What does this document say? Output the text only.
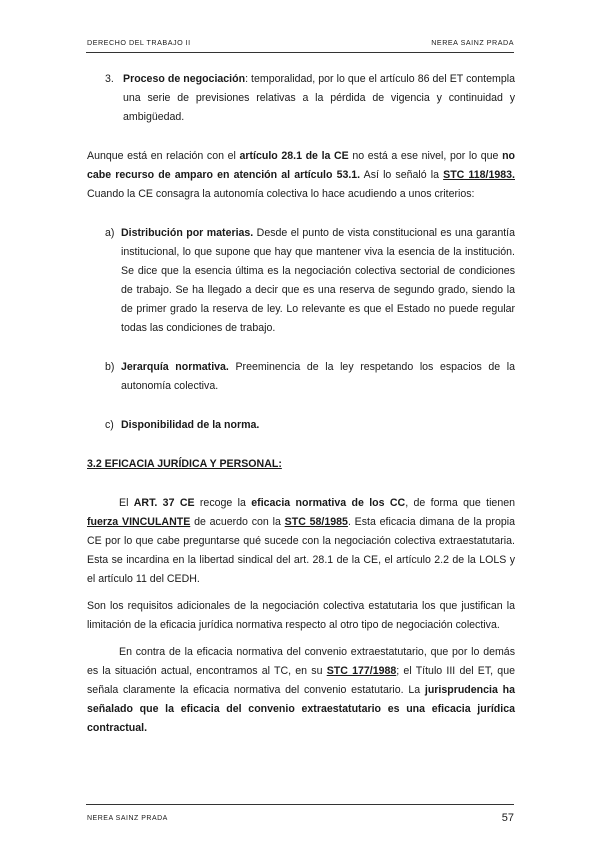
DERECHO DEL TRABAJO II	NEREA SAINZ PRADA
3. Proceso de negociación: temporalidad, por lo que el artículo 86 del ET contempla una serie de previsiones relativas a la pérdida de vigencia y continuidad y ambigüedad.

Aunque está en relación con el artículo 28.1 de la CE no está a ese nivel, por lo que no cabe recurso de amparo en atención al artículo 53.1. Así lo señaló la STC 118/1983. Cuando la CE consagra la autonomía colectiva lo hace acudiendo a unos criterios:

a) Distribución por materias. Desde el punto de vista constitucional es una garantía institucional, lo que supone que hay que mantener viva la esencia de la institución. Se dice que la esencia última es la negociación colectiva sectorial de condiciones de trabajo. Se ha llegado a decir que es una reserva de segundo grado, siendo la de primer grado la reserva de ley. Lo relevante es que el Estado no puede regular todas las condiciones de trabajo.
b) Jerarquía normativa. Preeminencia de la ley respetando los espacios de la autonomía colectiva.
c) Disponibilidad de la norma.

3.2 EFICACIA JURÍDICA Y PERSONAL:

El ART. 37 CE recoge la eficacia normativa de los CC, de forma que tienen fuerza VINCULANTE de acuerdo con la STC 58/1985. Esta eficacia dimana de la propia CE por lo que cabe preguntarse qué sucede con la negociación colectiva extraestatutaria. Esta se incardina en la libertad sindical del art. 28.1 de la CE, el artículo 2.2 de la LOLS y el artículo 11 del CEDH.

Son los requisitos adicionales de la negociación colectiva estatutaria los que justifican la limitación de la eficacia jurídica normativa respecto al otro tipo de negociación colectiva.

En contra de la eficacia normativa del convenio extraestatutario, que por lo demás es la situación actual, encontramos al TC, en su STC 177/1988; el Título III del ET, que señala claramente la eficacia normativa del convenio estatutario. La jurisprudencia ha señalado que la eficacia del convenio extraestatutario es una eficacia jurídica contractual.

NEREA SAINZ PRADA	57
